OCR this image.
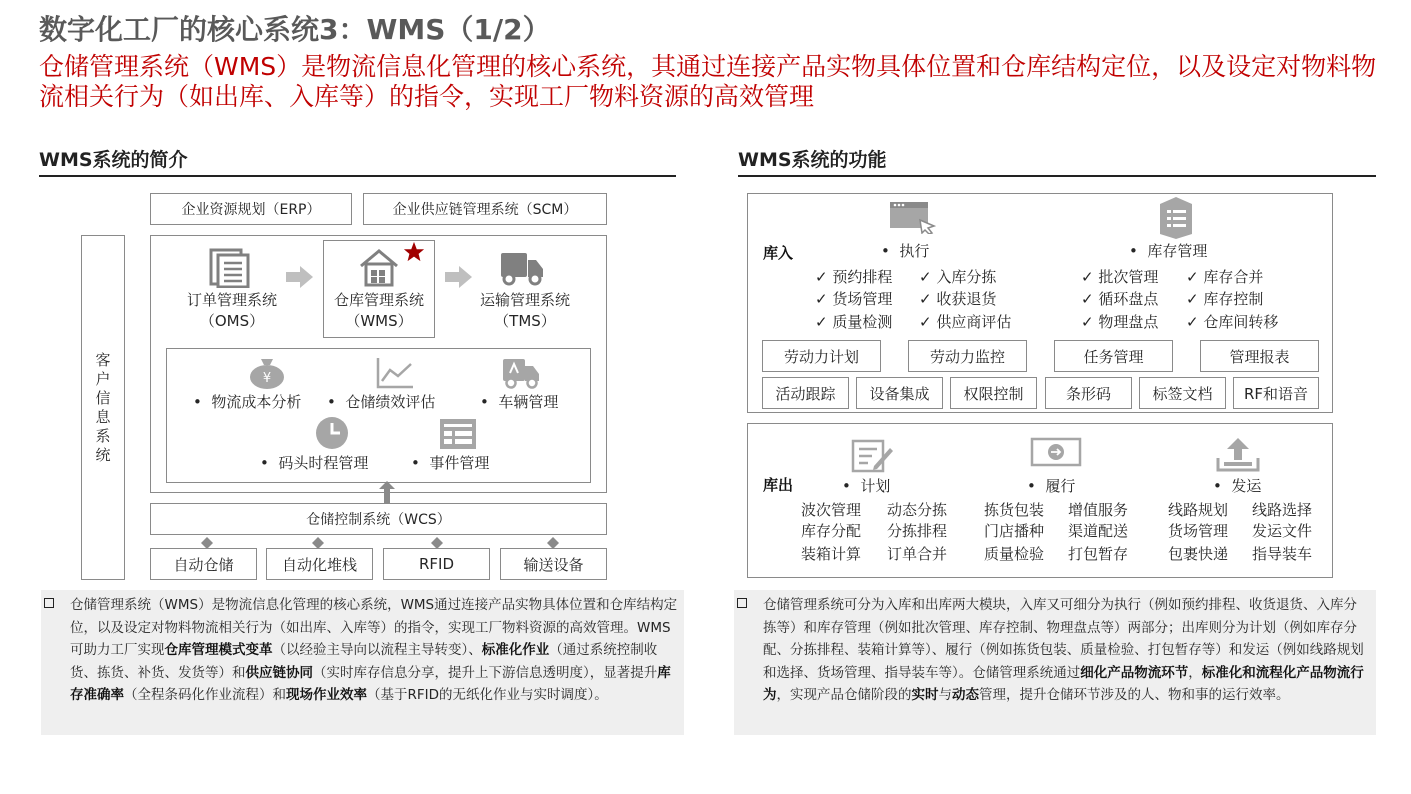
数字化工厂的核心系统3：WMS（1/2）
仓储管理系统（WMS）是物流信息化管理的核心系统，其通过连接产品实物具体位置和仓库结构定位，以及设定对物料物流相关行为（如出库、入库等）的指令，实现工厂物料资源的高效管理
WMS系统的简介
企业资源规划（ERP）	企业供应链管理系统（SCM）
客户信息系统
订单管理系统
（OMS）
仓库管理系统
（WMS）
运输管理系统
（TMS）
¥
•  物流成本分析 •  仓储绩效评估	•  车辆管理
•  码头时程管理	•  事件管理
仓储控制系统（WCS）
自动仓储	自动化堆栈	RFID	输送设备
仓储管理系统（WMS）是物流信息化管理的核心系统，WMS通过连接产品实物具体位置和仓库结构定位，以及设定对物料物流相关行为（如出库、入库等）的指令，实现工厂物料资源的高效管理。WMS可助力工厂实现仓库管理模式变革（以经验主导向以流程主导转变）、标准化作业（通过系统控制收货、拣货、补货、发货等）和供应链协同（实时库存信息分享，提升上下游信息透明度），显著提升库存准确率（全程条码化作业流程）和现场作业效率（基于RFID的无纸化作业与实时调度）。
WMS系统的功能
库入	•  执行	•  库存管理
✓ 预约排程 ✓ 入库分拣
✓ 货场管理 ✓ 收获退货
✓ 质量检测 ✓ 供应商评估
✓ 批次管理 ✓ 库存合并
✓ 循环盘点 ✓ 库存控制
✓ 物理盘点 ✓ 仓库间转移
劳动力计划	劳动力监控	任务管理	管理报表
活动跟踪	设备集成	权限控制	条形码	标签文档	RF和语音
库出	•  计划	•  履行	•  发运
波次管理 动态分拣
库存分配 分拣排程
装箱计算 订单合并
拣货包装 增值服务
门店播种 渠道配送
质量检验 打包暂存
线路规划 线路选择
货场管理 发运文件
包裹快递 指导装车
仓储管理系统可分为入库和出库两大模块，入库又可细分为执行（例如预约排程、收货退货、入库分拣等）和库存管理（例如批次管理、库存控制、物理盘点等）两部分；出库则分为计划（例如库存分配、分拣排程、装箱计算等）、履行（例如拣货包装、质量检验、打包暂存等）和发运（例如线路规划和选择、货场管理、指导装车等）。仓储管理系统通过细化产品物流环节，标准化和流程化产品物流行为，实现产品仓储阶段的实时与动态管理，提升仓储环节涉及的人、物和事的运行效率。
